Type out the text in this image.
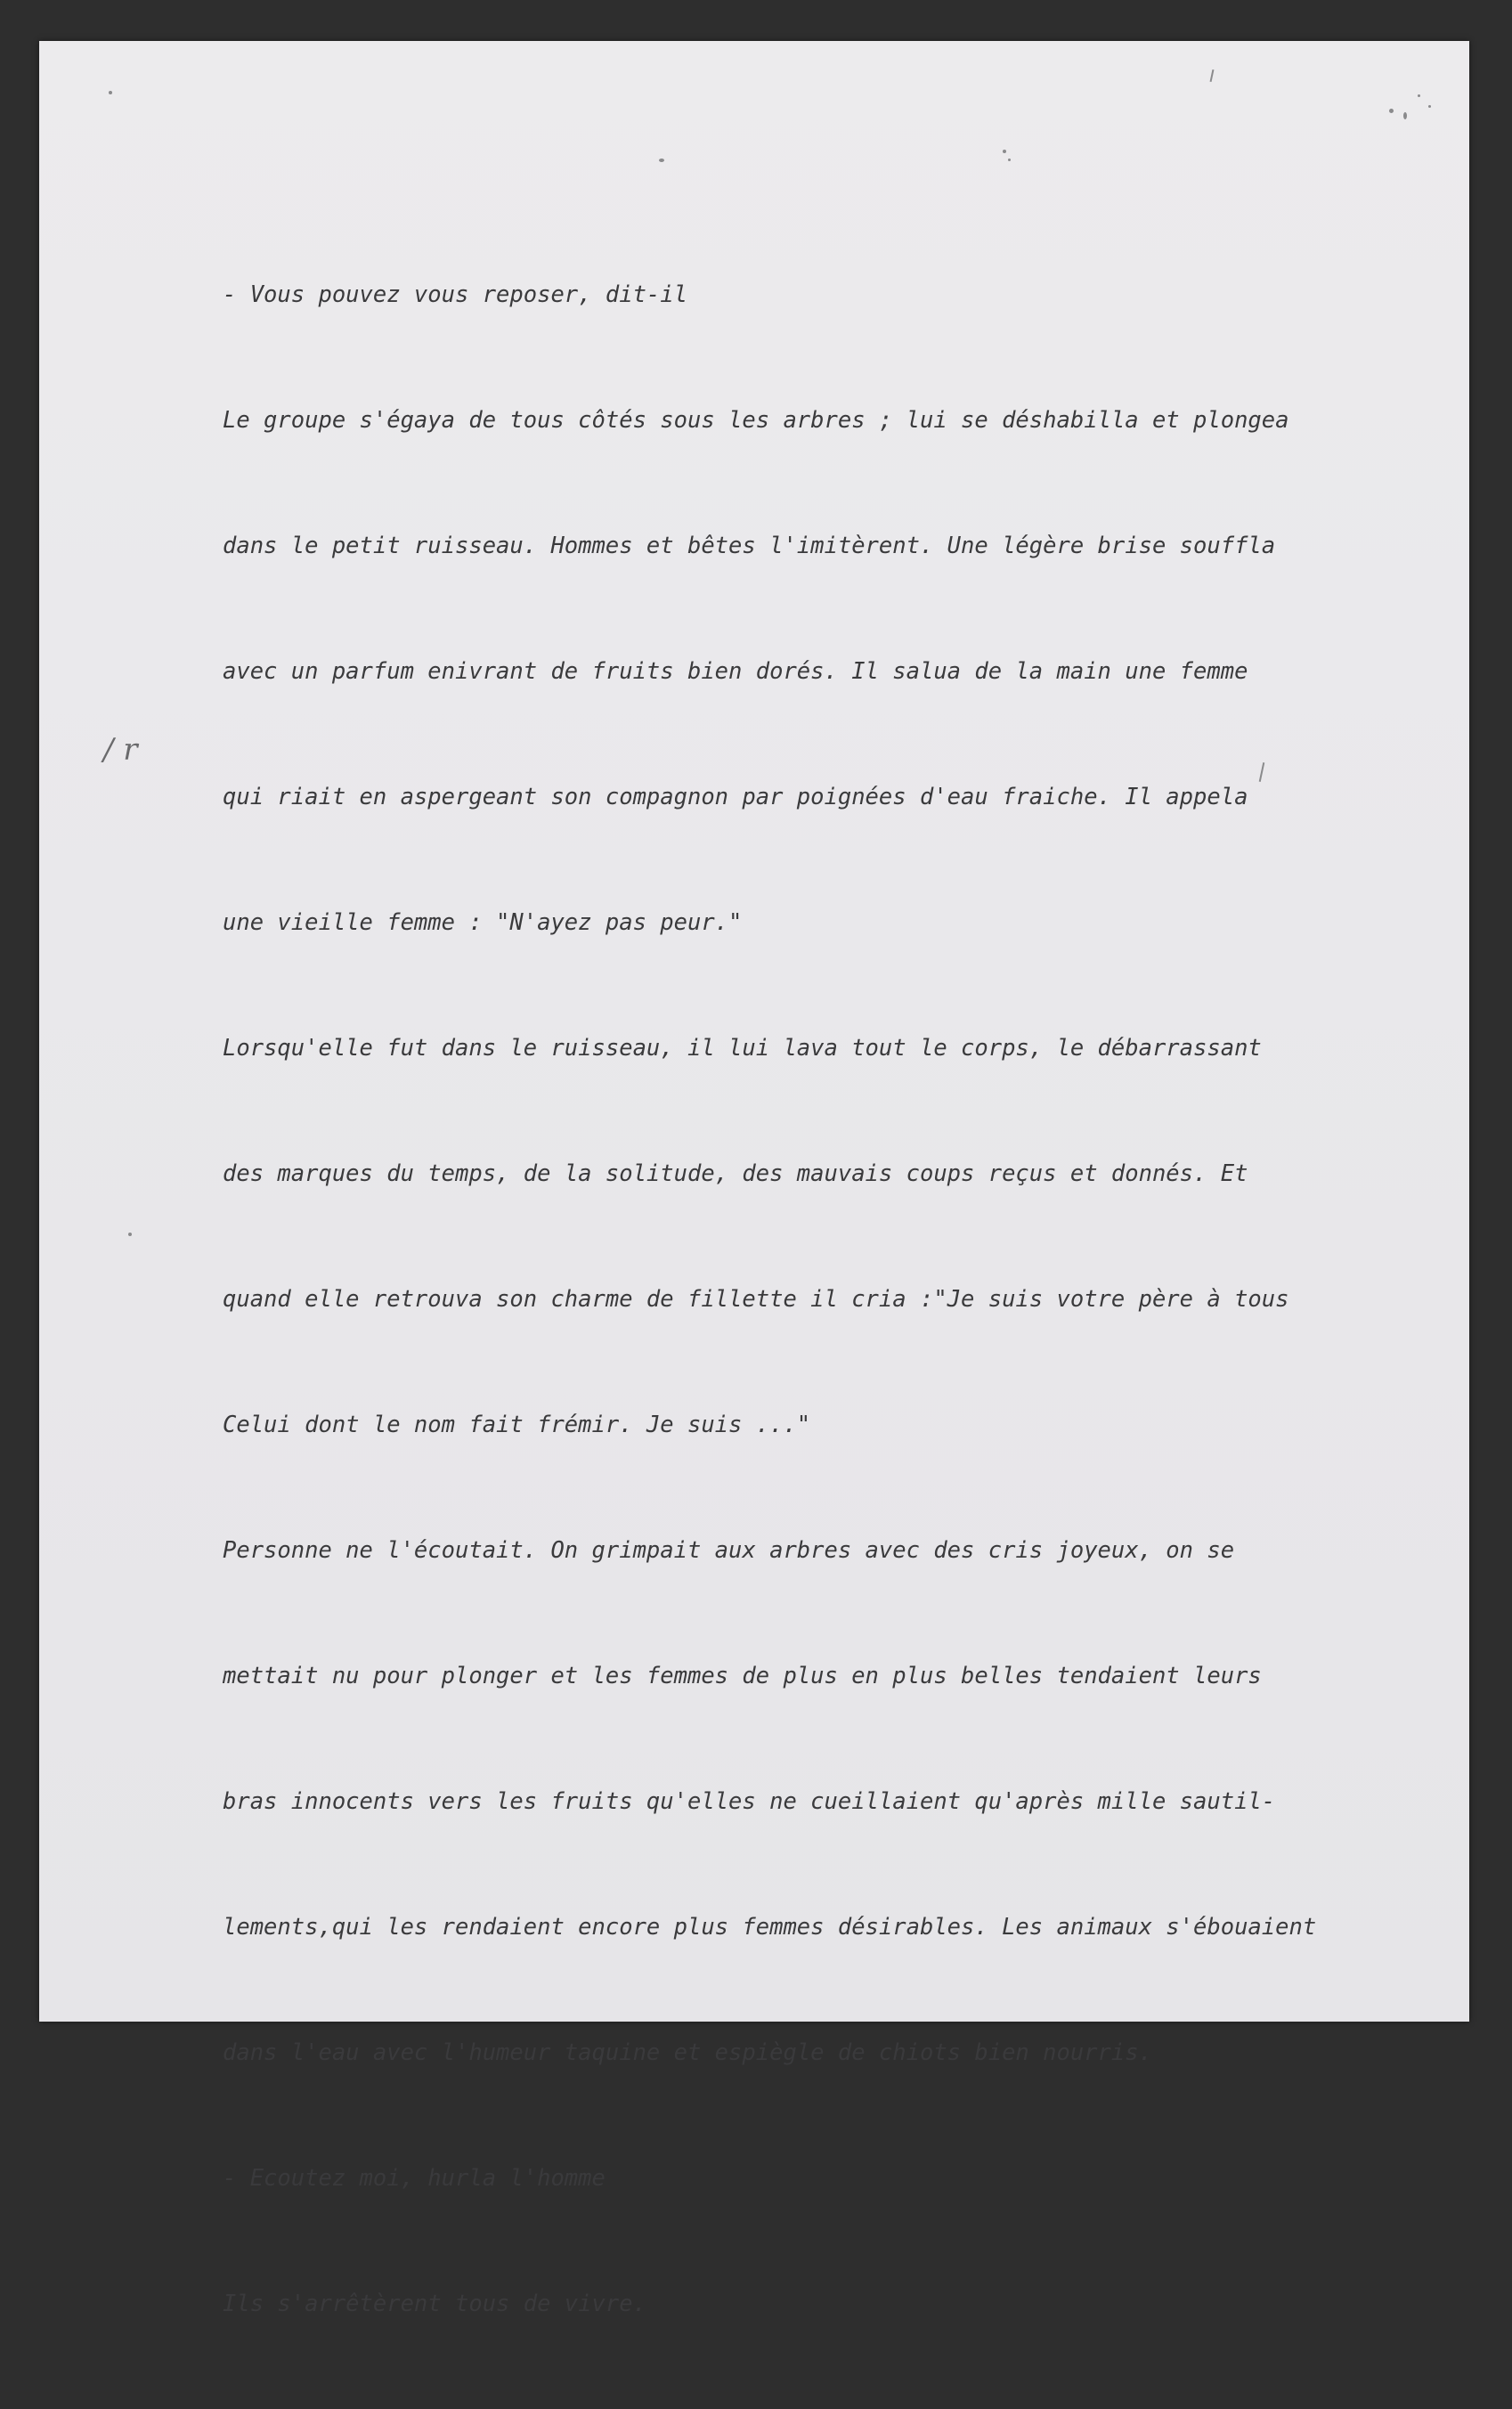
- Vous pouvez vous reposer, dit-il

Le groupe s'égaya de tous côtés sous les arbres ; lui se déshabilla et plongea

dans le petit ruisseau. Hommes et bêtes l'imitèrent. Une légère brise souffla

avec un parfum enivrant de fruits bien dorés. Il salua de la main une femme

qui riait en aspergeant son compagnon par poignées d'eau fraiche. Il appela

une vieille femme : "N'ayez pas peur."

Lorsqu'elle fut dans le ruisseau, il lui lava tout le corps, le débarrassant

des marques du temps, de la solitude, des mauvais coups reçus et donnés. Et

quand elle retrouva son charme de fillette il cria :"Je suis votre père à tous

Celui dont le nom fait frémir. Je suis ..."

Personne ne l'écoutait. On grimpait aux arbres avec des cris joyeux, on se

mettait nu pour plonger et les femmes de plus en plus belles tendaient leurs

bras innocents vers les fruits qu'elles ne cueillaient qu'après mille sautil-

lements,qui les rendaient encore plus femmes désirables. Les animaux s'ébouaient

dans l'eau avec l'humeur taquine et espiègle de chiots bien nourris.

- Ecoutez moi, hurla l'homme

Ils s'arrêtèrent tous de vivre.

/ r
